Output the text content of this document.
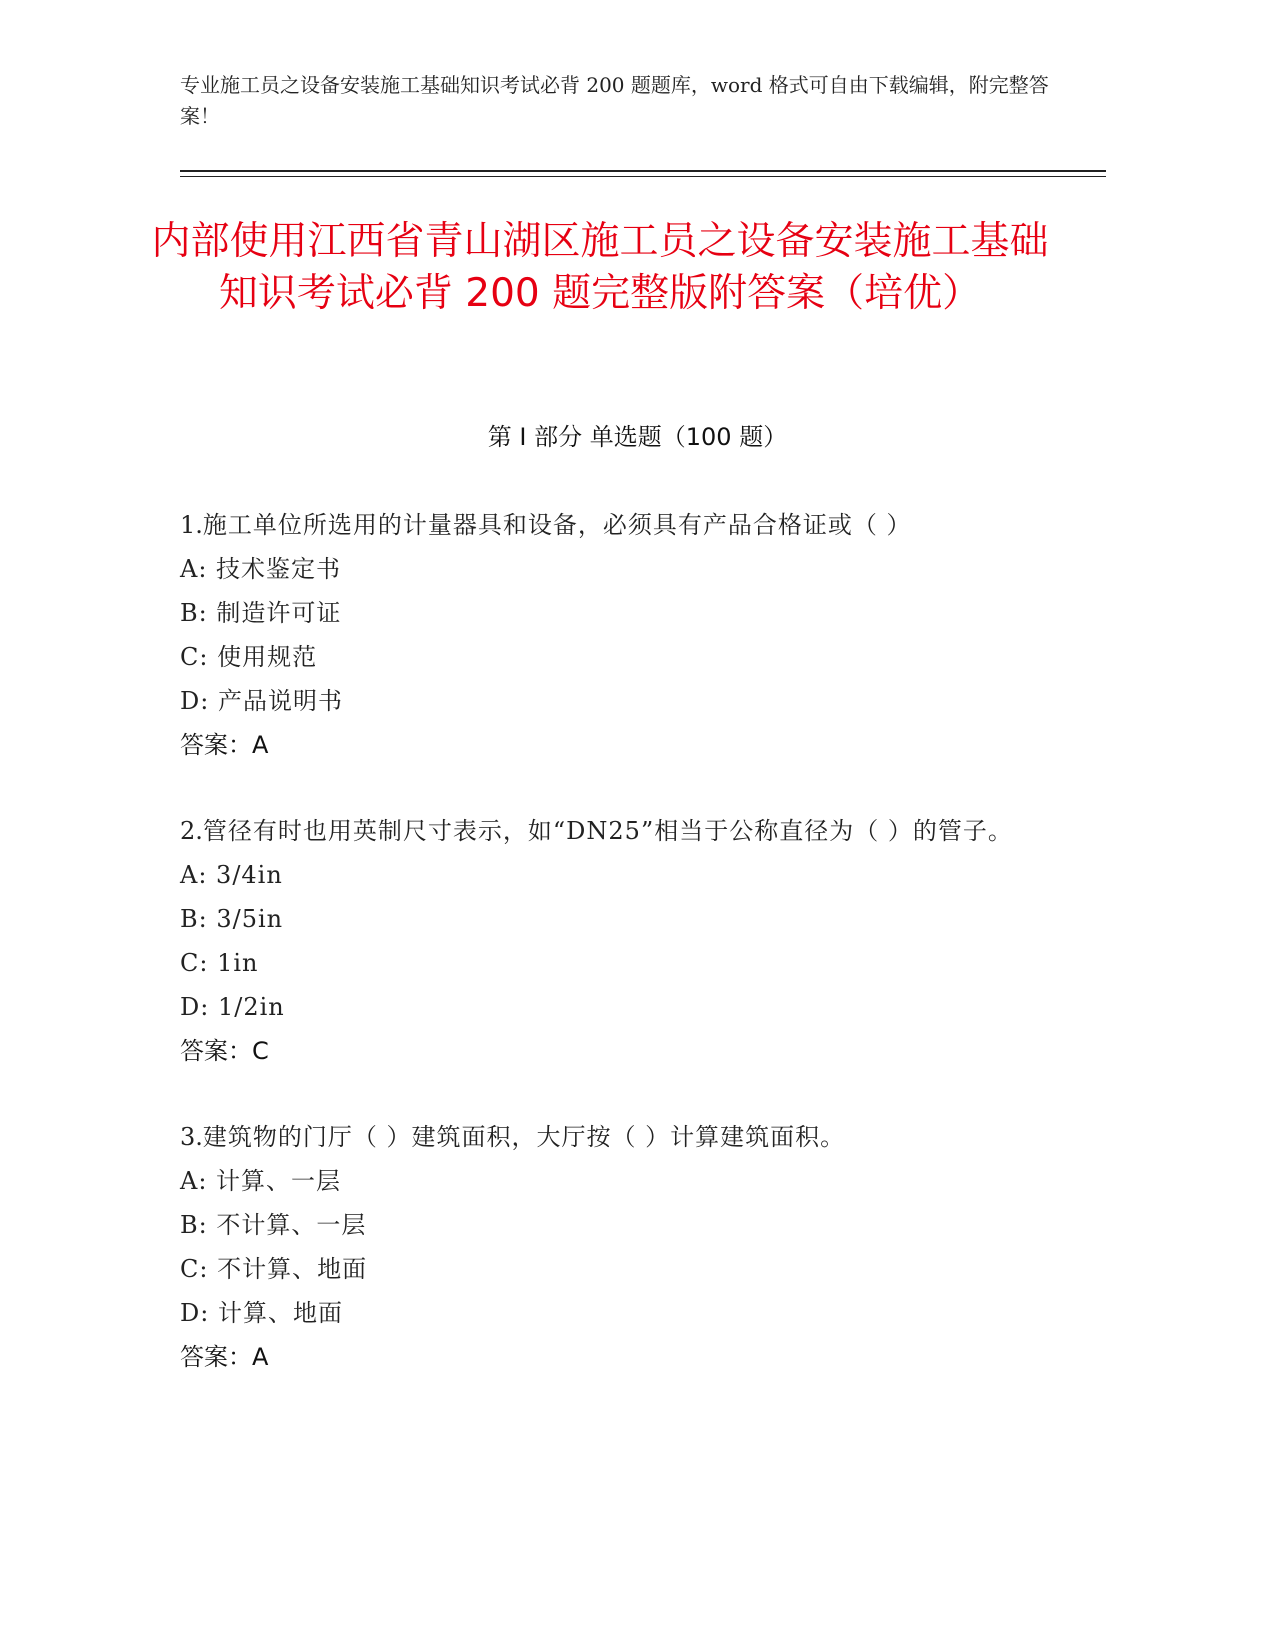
专业施工员之设备安装施工基础知识考试必背 200 题题库，word 格式可自由下载编辑，附完整答案！
内部使用江西省青山湖区施工员之设备安装施工基础知识考试必背 200 题完整版附答案（培优）
第 I 部分 单选题（100 题）
1.施工单位所选用的计量器具和设备，必须具有产品合格证或（ ）
A: 技术鉴定书
B: 制造许可证
C: 使用规范
D: 产品说明书
答案：A
2.管径有时也用英制尺寸表示，如“DN25”相当于公称直径为（ ）的管子。
A: 3/4in
B: 3/5in
C: 1in
D: 1/2in
答案：C
3.建筑物的门厅（ ）建筑面积，大厅按（ ）计算建筑面积。
A: 计算、一层
B: 不计算、一层
C: 不计算、地面
D: 计算、地面
答案：A
